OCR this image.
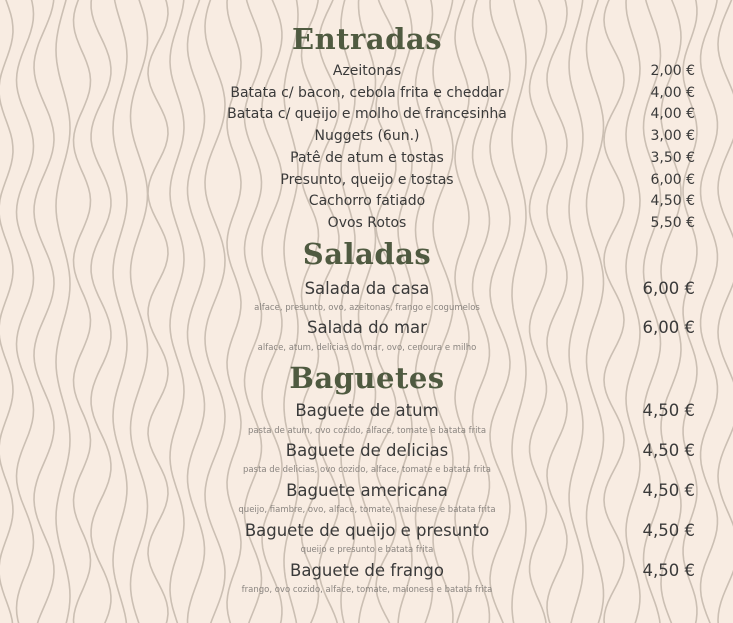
Entradas
Azeitonas	2,00 €
Batata c/ bacon, cebola frita e cheddar	4,00 €
Batata c/ queijo e molho de francesinha	4,00 €
Nuggets (6un.)	3,00 €
Patê de atum e tostas	3,50 €
Presunto, queijo e tostas	6,00 €
Cachorro fatiado	4,50 €
Ovos Rotos	5,50 €
Saladas
Salada da casa	6,00 €
alface, presunto, ovo, azeitonas, frango e cogumelos
Salada do mar	6,00 €
alface, atum, delicias do mar, ovo, cenoura e milho
Baguetes
Baguete de atum	4,50 €
pasta de atum, ovo cozido, alface, tomate e batata frita
Baguete de delicias	4,50 €
pasta de delicias, ovo cozido, alface, tomate e batata frita
Baguete americana	4,50 €
queijo, fiambre, ovo, alface, tomate, maionese e batata frita
Baguete de queijo e presunto	4,50 €
queijo e presunto e batata frita
Baguete de frango	4,50 €
frango, ovo cozido, alface, tomate, maionese e batata frita
